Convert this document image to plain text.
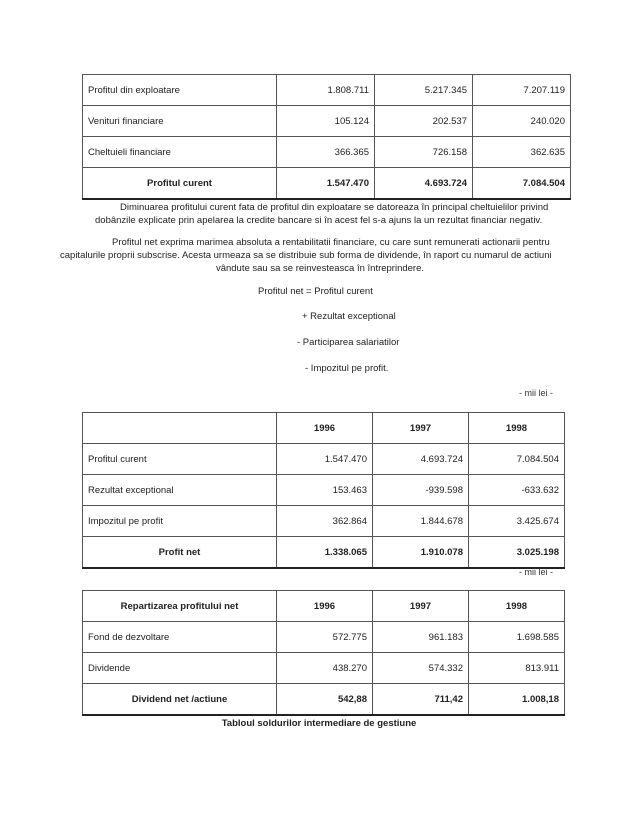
Profitul din exploatare	1.808.711	5.217.345	7.207.119
Venituri financiare	105.124	202.537	240.020
Cheltuieli financiare	366.365	726.158	362.635
Profitul curent	1.547.470	4.693.724	7.084.504
Diminuarea profitului curent fata de profitul din exploatare se datoreaza în principal cheltuielilor privind
dobânzile explicate prin apelarea la credite bancare si în acest fel s-a ajuns la un rezultat financiar negativ.
Profitul net exprima marimea absoluta a rentabilitatii financiare, cu care sunt remunerati actionarii pentru
capitalurile proprii subscrise. Acesta urmeaza sa se distribuie sub forma de dividende, în raport cu numarul de actiuni
vândute sau sa se reinvesteasca în întreprindere.
Profitul net = Profitul curent
+ Rezultat exceptional
- Participarea salariatilor
- Impozitul pe profit.
- mii lei -
	1996	1997	1998
Profitul curent	1.547.470	4.693.724	7.084.504
Rezultat exceptional	153.463	-939.598	-633.632
Impozitul pe profit	362.864	1.844.678	3.425.674
Profit net	1.338.065	1.910.078	3.025.198
- mii lei -
Repartizarea profitului net	1996	1997	1998
Fond de dezvoltare	572.775	961.183	1.698.585
Dividende	438.270	574.332	813.911
Dividend net /actiune	542,88	711,42	1.008,18
Tabloul soldurilor intermediare de gestiune
